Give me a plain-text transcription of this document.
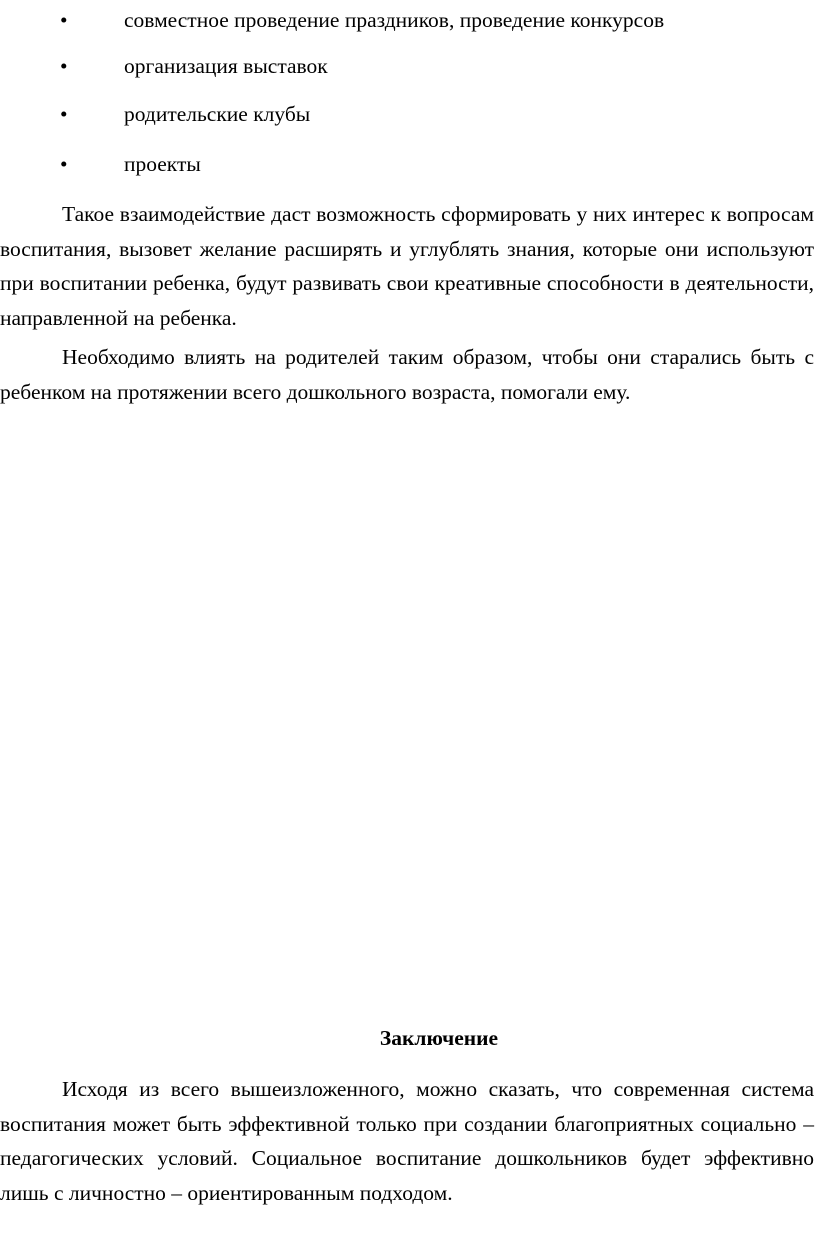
•	совместное проведение праздников, проведение конкурсов
•	организация выставок
•	родительские клубы
•	проекты

Такое взаимодействие даст возможность сформировать у них интерес к вопросам воспитания, вызовет желание расширять и углублять знания, которые они используют при воспитании ребенка, будут развивать свои креативные способности в деятельности, направленной на ребенка.

Необходимо влиять на родителей таким образом, чтобы они старались быть с ребенком на протяжении всего дошкольного возраста, помогали ему.

Заключение

Исходя из всего вышеизложенного, можно сказать, что современная система воспитания может быть эффективной только при создании благоприятных социально – педагогических условий. Социальное воспитание дошкольников будет эффективно лишь с личностно – ориентированным подходом.
